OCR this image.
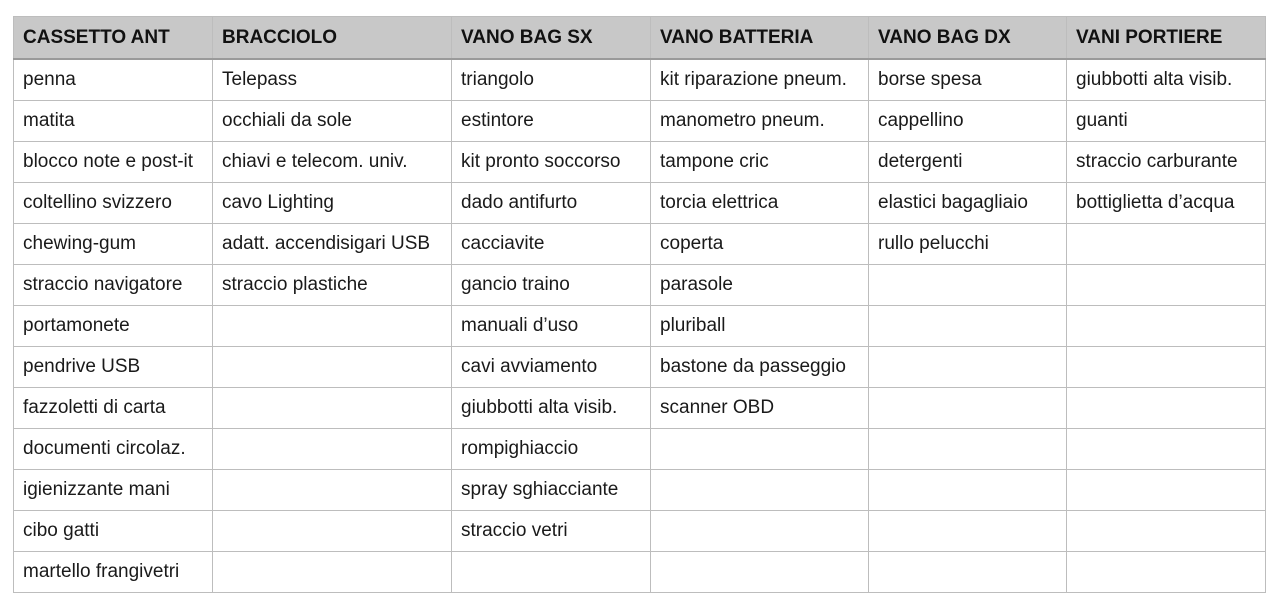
CASSETTO ANT	BRACCIOLO	VANO BAG SX	VANO BATTERIA	VANO BAG DX	VANI PORTIERE
penna	Telepass	triangolo	kit riparazione pneum.	borse spesa	giubbotti alta visib.
matita	occhiali da sole	estintore	manometro pneum.	cappellino	guanti
blocco note e post-it	chiavi e telecom. univ.	kit pronto soccorso	tampone cric	detergenti	straccio carburante
coltellino svizzero	cavo Lighting	dado antifurto	torcia elettrica	elastici bagagliaio	bottiglietta d’acqua
chewing-gum	adatt. accendisigari USB	cacciavite	coperta	rullo pelucchi	
straccio navigatore	straccio plastiche	gancio traino	parasole		
portamonete		manuali d’uso	pluriball		
pendrive USB		cavi avviamento	bastone da passeggio		
fazzoletti di carta		giubbotti alta visib.	scanner OBD		
documenti circolaz.		rompighiaccio			
igienizzante mani		spray sghiacciante			
cibo gatti		straccio vetri			
martello frangivetri					
